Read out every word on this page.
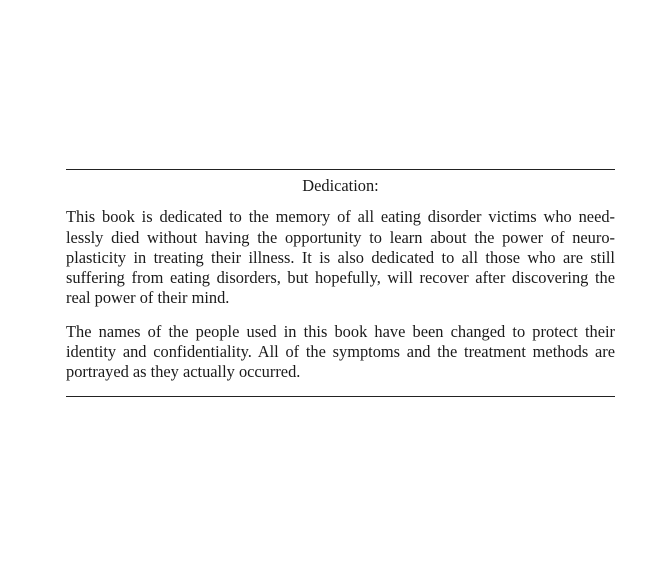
Dedication:

This book is dedicated to the memory of all eating disorder victims who need-
lessly died without having the opportunity to learn about the power of neuro-
plasticity in treating their illness. It is also dedicated to all those who are still
suffering from eating disorders, but hopefully, will recover after discovering the
real power of their mind.

The names of the people used in this book have been changed to protect their
identity and confidentiality. All of the symptoms and the treatment methods are
portrayed as they actually occurred.
